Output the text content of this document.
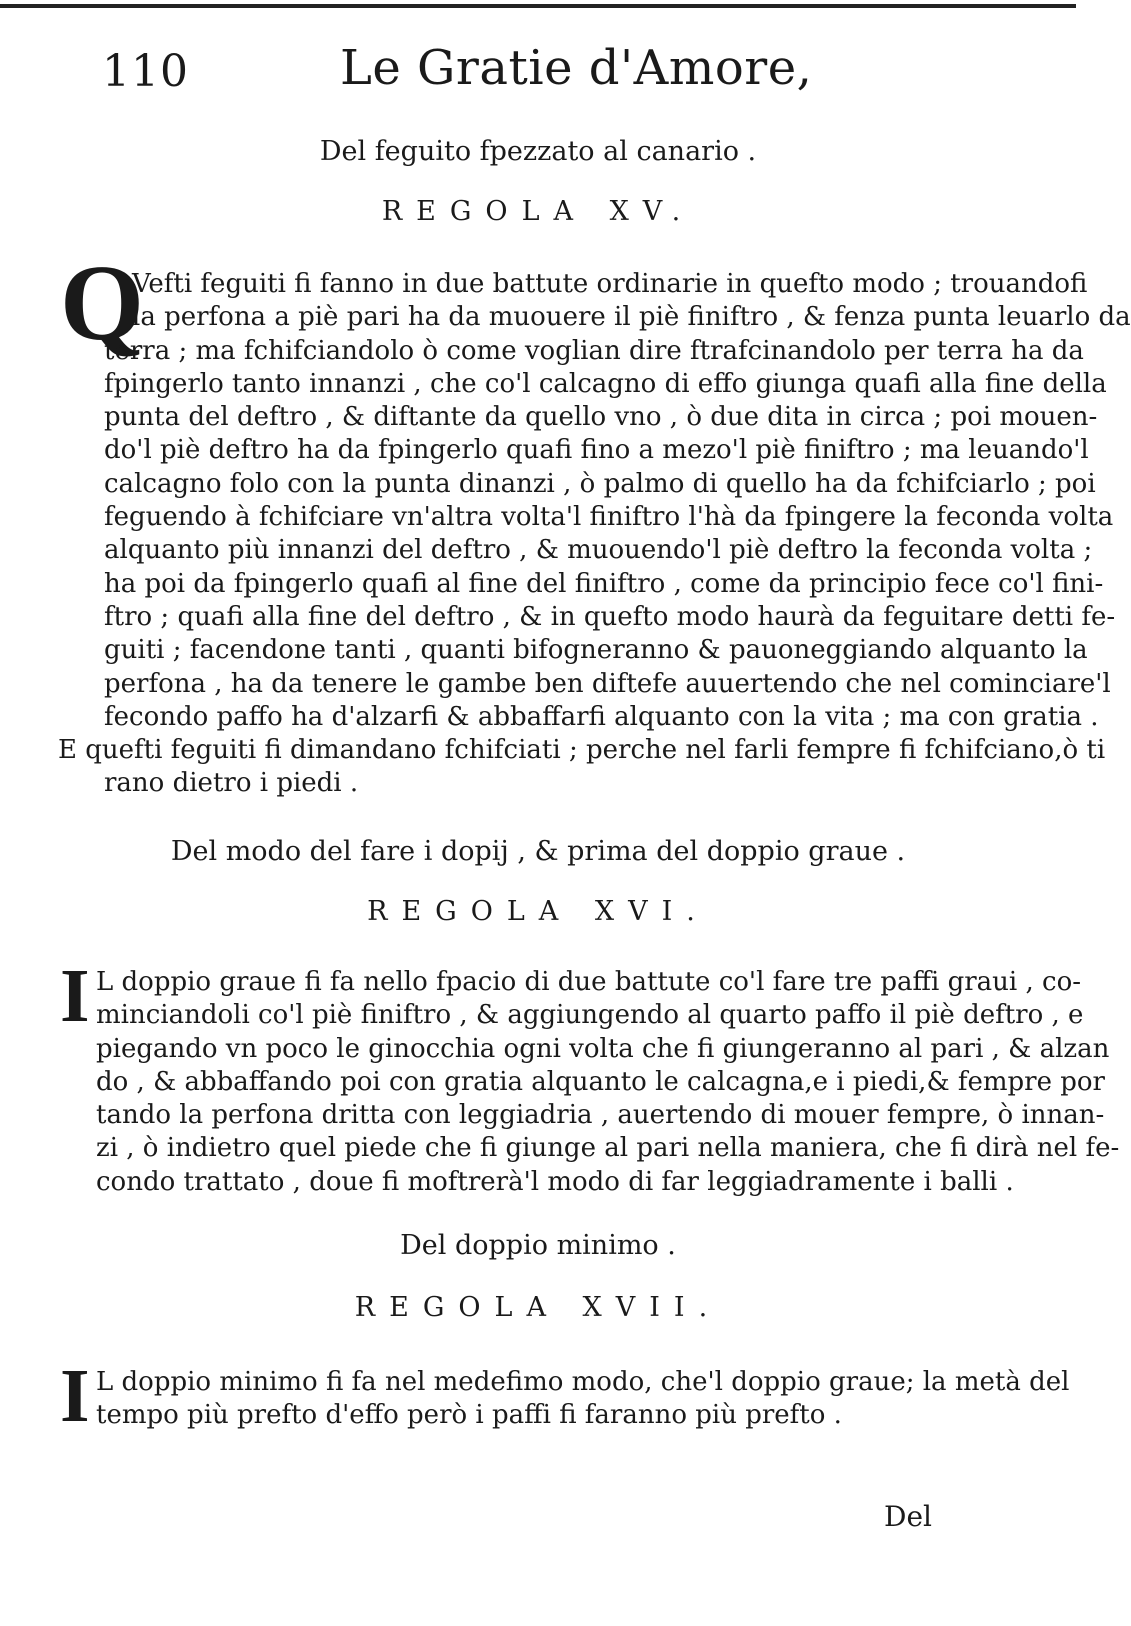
110	Le Gratie d'Amore,

Del feguito fpezzato al canario .

REGOLA XV.

Q
Vefti feguiti fi fanno in due battute ordinarie in quefto modo ; trouandofi
la perfona a piè pari ha da muouere il piè finiftro , & fenza punta leuarlo da
terra ; ma fchifciandolo ò come voglian dire ftrafcinandolo per terra ha da
fpingerlo tanto innanzi , che co'l calcagno di effo giunga quafi alla fine della
punta del deftro , & diftante da quello vno , ò due dita in circa ; poi mouen-
do'l piè deftro ha da fpingerlo quafi fino a mezo'l piè finiftro ; ma leuando'l
calcagno folo con la punta dinanzi , ò palmo di quello ha da fchifciarlo ; poi
feguendo à fchifciare vn'altra volta'l finiftro l'hà da fpingere la feconda volta
alquanto più innanzi del deftro , & muouendo'l piè deftro la feconda volta ;
ha poi da fpingerlo quafi al fine del finiftro , come da principio fece co'l fini-
ftro ; quafi alla fine del deftro , & in quefto modo haurà da feguitare detti fe-
guiti ; facendone tanti , quanti bifogneranno & pauoneggiando alquanto la
perfona , ha da tenere le gambe ben diftefe auuertendo che nel cominciare'l
fecondo paffo ha d'alzarfi & abbaffarfi alquanto con la vita ; ma con gratia .
E quefti feguiti fi dimandano fchifciati ; perche nel farli fempre fi fchifciano,ò ti
rano dietro i piedi .

Del modo del fare i dopij , & prima del doppio graue .

REGOLA XVI.

I L doppio graue fi fa nello fpacio di due battute co'l fare tre paffi graui , co-
minciandoli co'l piè finiftro , & aggiungendo al quarto paffo il piè deftro , e
piegando vn poco le ginocchia ogni volta che fi giungeranno al pari , & alzan
do , & abbaffando poi con gratia alquanto le calcagna,e i piedi,& fempre por
tando la perfona dritta con leggiadria , auertendo di mouer fempre, ò innan-
zi , ò indietro quel piede che fi giunge al pari nella maniera, che fi dirà nel fe-
condo trattato , doue fi moftrerà'l modo di far leggiadramente i balli .

Del doppio minimo .

REGOLA XVII.

I L doppio minimo fi fa nel medefimo modo, che'l doppio graue; la metà del
tempo più prefto d'effo però i paffi fi faranno più prefto .
Del
